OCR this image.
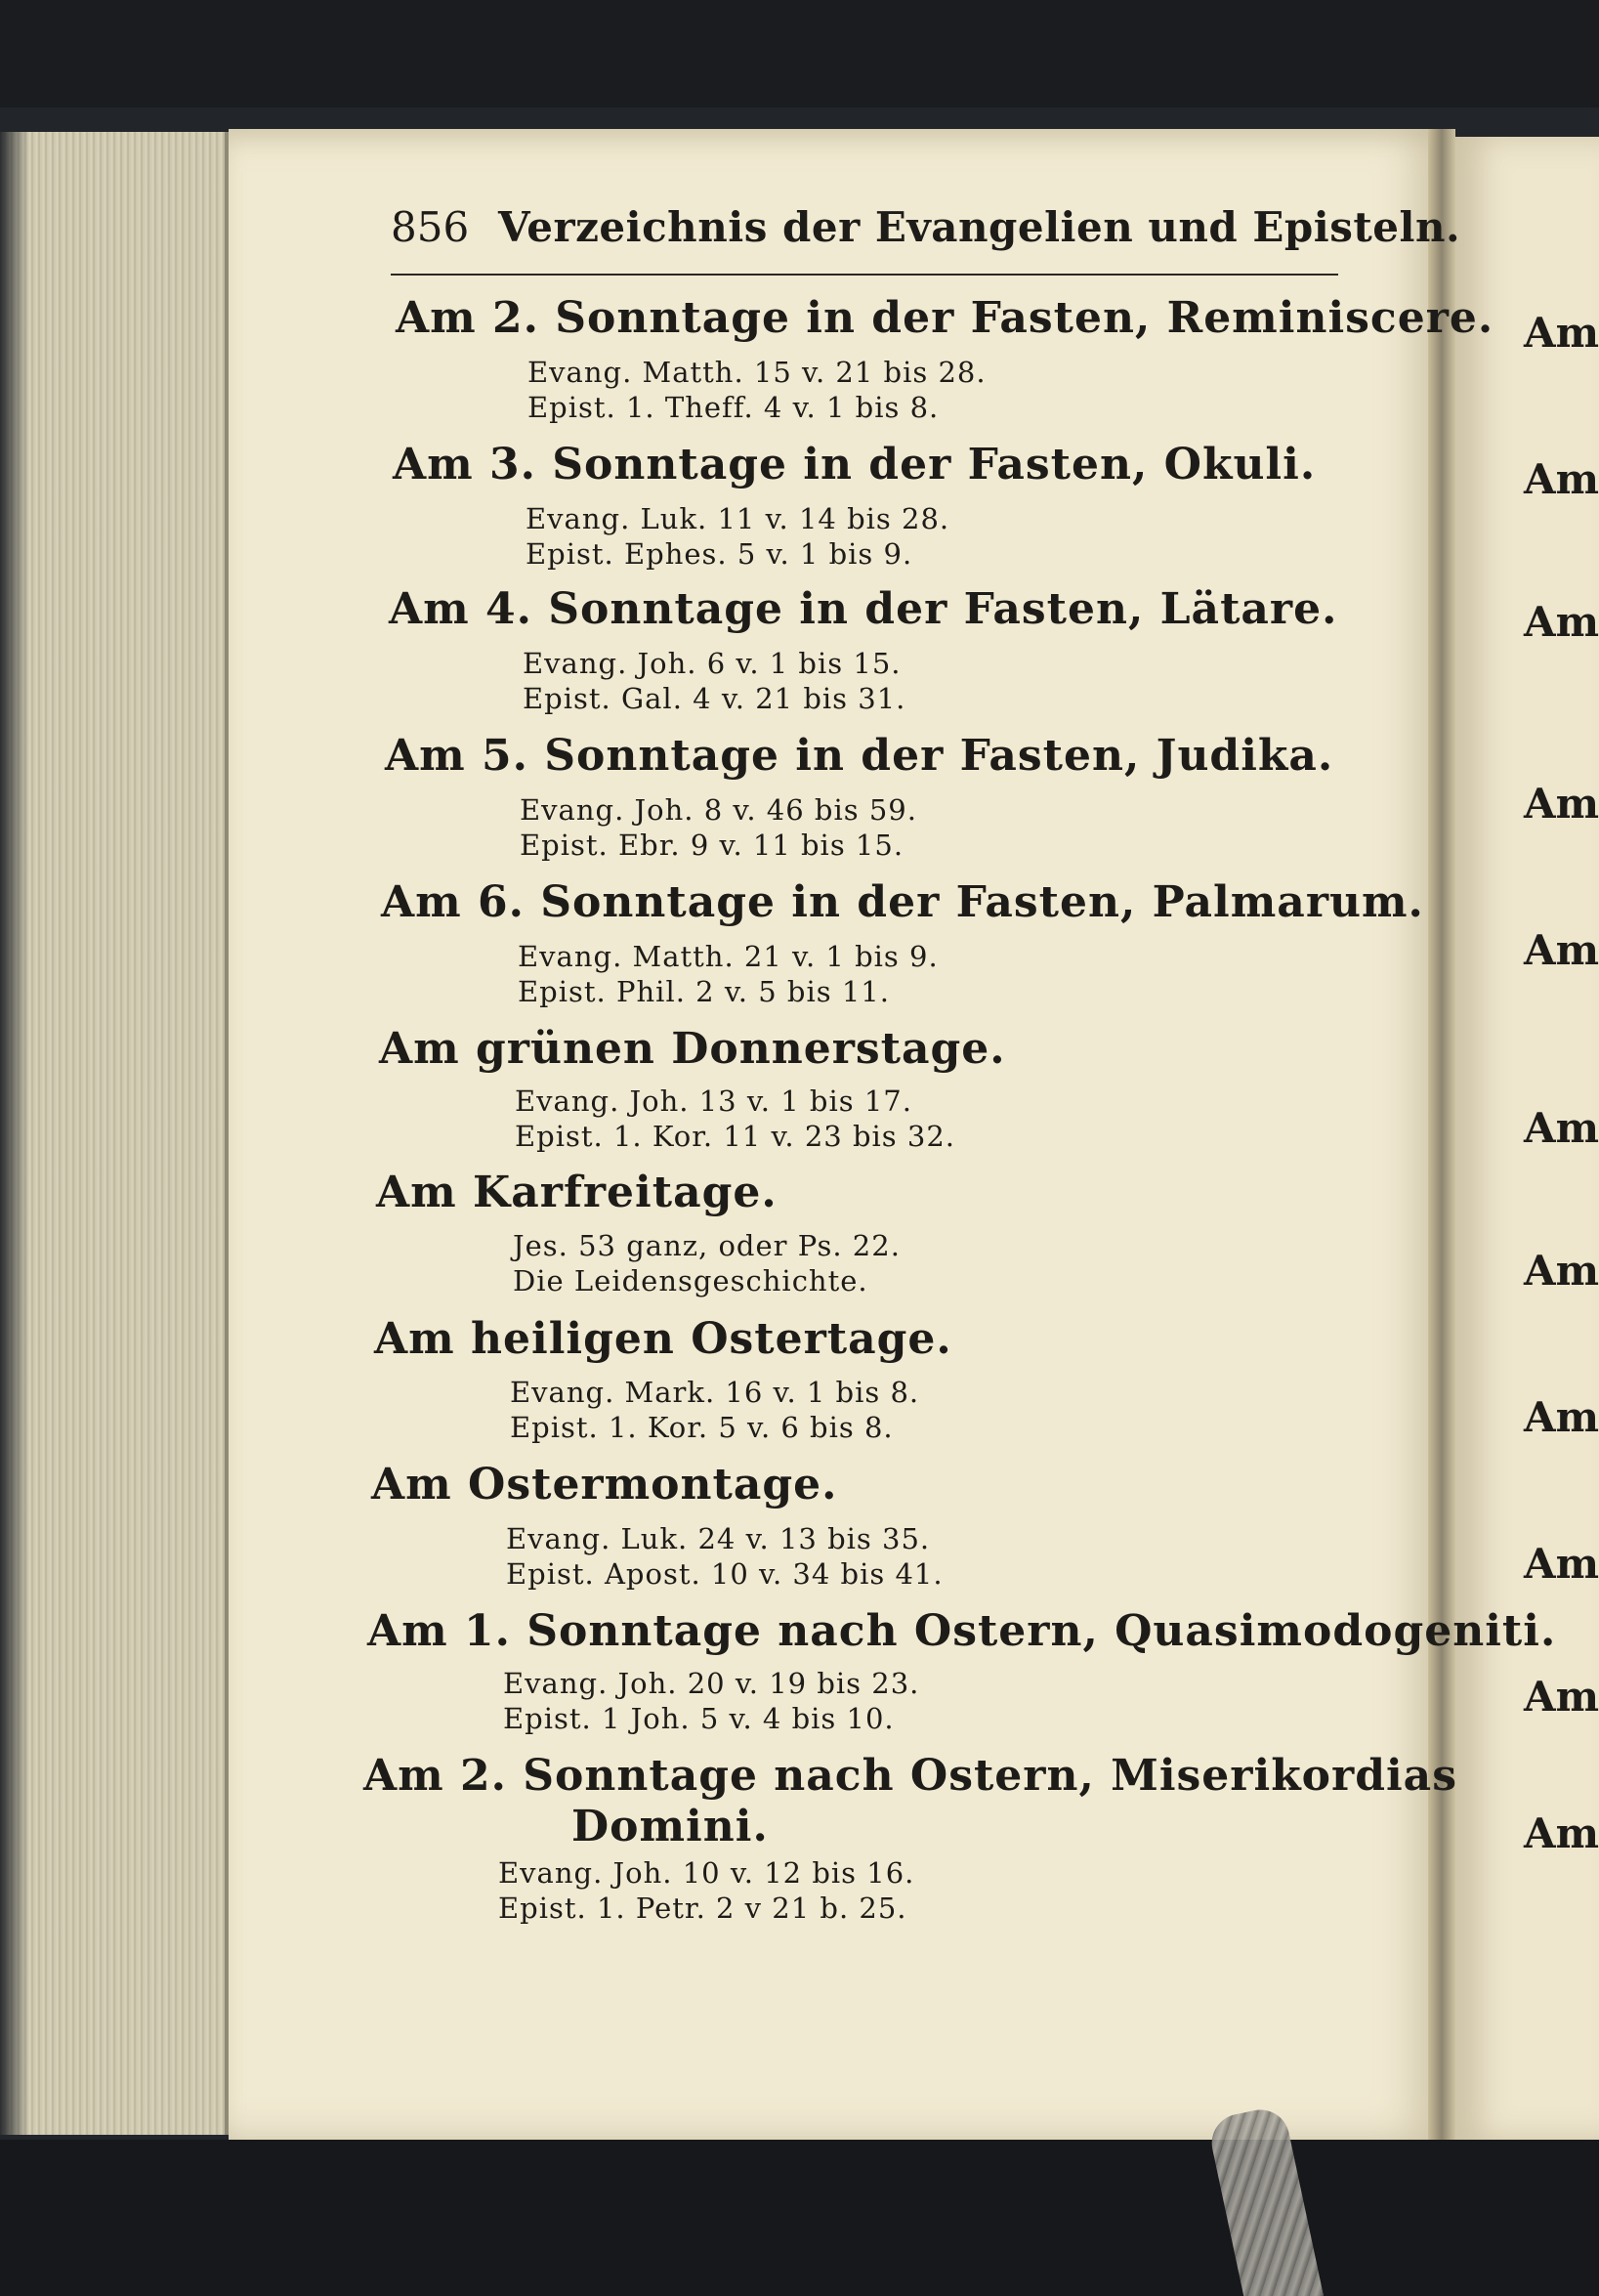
856 Verzeichnis der Evangelien und Episteln.
Am 2. Sonntage in der Fasten, Reminiscere.
Evang. Matth. 15 v. 21 bis 28.
Epist. 1. Theff. 4 v. 1 bis 8.
Am 3. Sonntage in der Fasten, Okuli.
Evang. Luk. 11 v. 14 bis 28.
Epist. Ephes. 5 v. 1 bis 9.
Am 4. Sonntage in der Fasten, Lätare.
Evang. Joh. 6 v. 1 bis 15.
Epist. Gal. 4 v. 21 bis 31.
Am 5. Sonntage in der Fasten, Judika.
Evang. Joh. 8 v. 46 bis 59.
Epist. Ebr. 9 v. 11 bis 15.
Am 6. Sonntage in der Fasten, Palmarum.
Evang. Matth. 21 v. 1 bis 9.
Epist. Phil. 2 v. 5 bis 11.
Am grünen Donnerstage.
Evang. Joh. 13 v. 1 bis 17.
Epist. 1. Kor. 11 v. 23 bis 32.
Am Karfreitage.
Jes. 53 ganz, oder Ps. 22.
Die Leidensgeschichte.
Am heiligen Ostertage.
Evang. Mark. 16 v. 1 bis 8.
Epist. 1. Kor. 5 v. 6 bis 8.
Am Ostermontage.
Evang. Luk. 24 v. 13 bis 35.
Epist. Apost. 10 v. 34 bis 41.
Am 1. Sonntage nach Ostern, Quasimodogeniti.
Evang. Joh. 20 v. 19 bis 23.
Epist. 1 Joh. 5 v. 4 bis 10.
Am 2. Sonntage nach Ostern, Miserikordias
Domini.
Evang. Joh. 10 v. 12 bis 16.
Epist. 1. Petr. 2 v 21 b. 25.
Am
Am
Am
Am
Am
Am
Am
Am
Am
Am
Am
